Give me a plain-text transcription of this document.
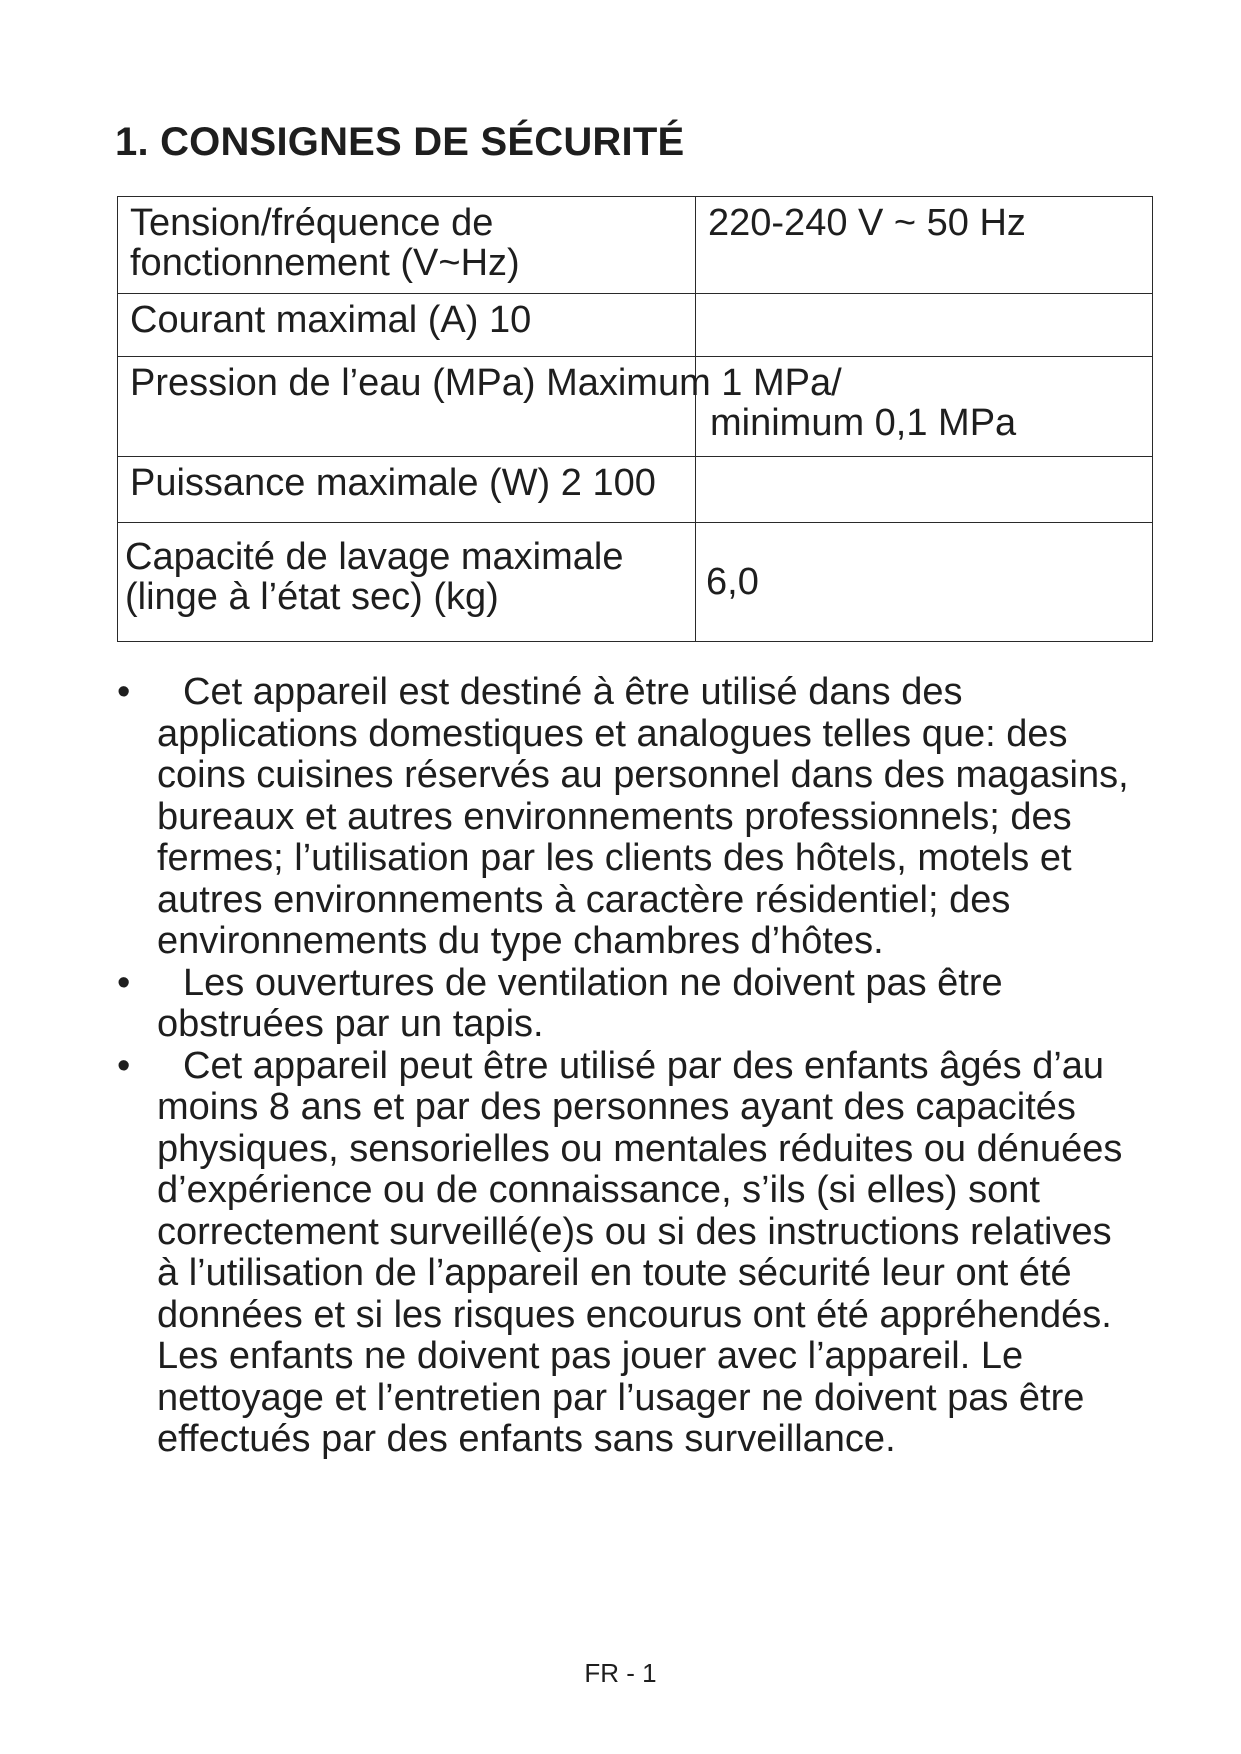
1. CONSIGNES DE SÉCURITÉ
Tension/fréquence de
fonctionnement (V~Hz)	220-240 V ~ 50 Hz
Courant maximal (A) 10	
Pression de l’eau (MPa) Maximum 1 MPa/	minimum 0,1 MPa

Puissance maximale (W) 2 100	
Capacité de lavage maximale
(linge à l’état sec) (kg)	6,0
•	Cet appareil est destiné à être utilisé dans des applications domestiques et analogues telles que: des coins cuisines réservés au personnel dans des magasins, bureaux et autres environnements professionnels; des fermes; l’utilisation par les clients des hôtels, motels et autres environnements à caractère résidentiel; des environnements du type chambres d’hôtes.
•	Les ouvertures de ventilation ne doivent pas être obstruées par un tapis.
•	Cet appareil peut être utilisé par des enfants âgés d’au moins 8 ans et par des personnes ayant des capacités physiques, sensorielles ou mentales réduites ou dénuées d’expérience ou de connaissance, s’ils (si elles) sont correctement surveillé(e)s ou si des instructions relatives à l’utilisation de l’appareil en toute sécurité leur ont été données et si les risques encourus ont été appréhendés. Les enfants ne doivent pas jouer avec l’appareil. Le nettoyage et l’entretien par l’usager ne doivent pas être effectués par des enfants sans surveillance.
FR - 1
